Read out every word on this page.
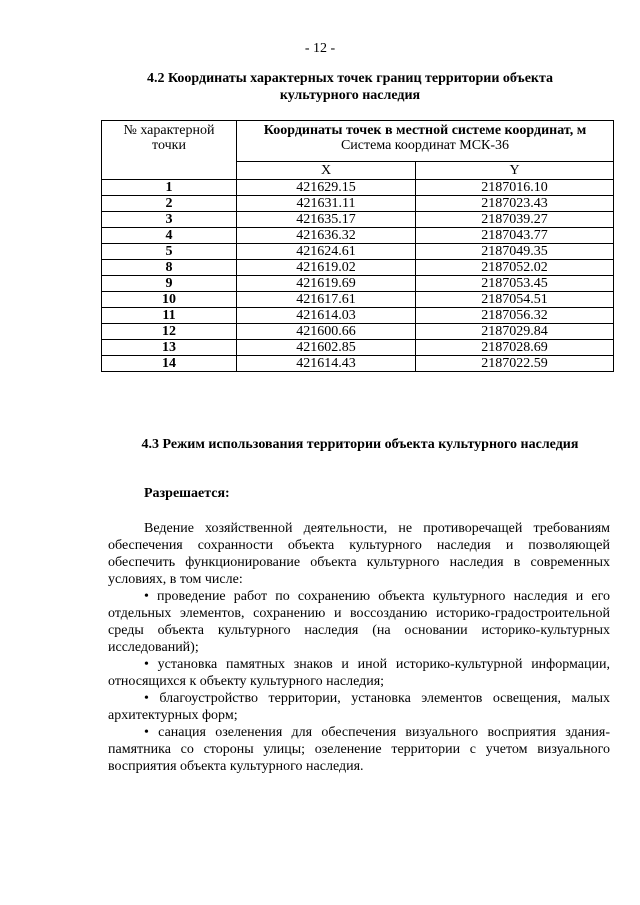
- 12 -
4.2 Координаты характерных точек границ территории объекта культурного наследия
№ характерной точки	Координаты точек в местной системе координат, м
Система координат МСК-36	
	X	Y
1	421629.15	2187016.10
2	421631.11	2187023.43
3	421635.17	2187039.27
4	421636.32	2187043.77
5	421624.61	2187049.35
8	421619.02	2187052.02
9	421619.69	2187053.45
10	421617.61	2187054.51
11	421614.03	2187056.32
12	421600.66	2187029.84
13	421602.85	2187028.69
14	421614.43	2187022.59
4.3 Режим использования территории объекта культурного наследия
Разрешается:

Ведение хозяйственной деятельности, не противоречащей требованиям обеспечения сохранности объекта культурного наследия и позволяющей обеспечить функционирование объекта культурного наследия в современных условиях, в том числе:

• проведение работ по сохранению объекта культурного наследия и его отдельных элементов, сохранению и воссозданию историко-градостроительной среды объекта культурного наследия (на основании историко-культурных исследований);

• установка памятных знаков и иной историко-культурной информации, относящихся к объекту культурного наследия;

• благоустройство территории, установка элементов освещения, малых архитектурных форм;

• санация озеленения для обеспечения визуального восприятия здания-памятника со стороны улицы; озеленение территории с учетом визуального восприятия объекта культурного наследия.
